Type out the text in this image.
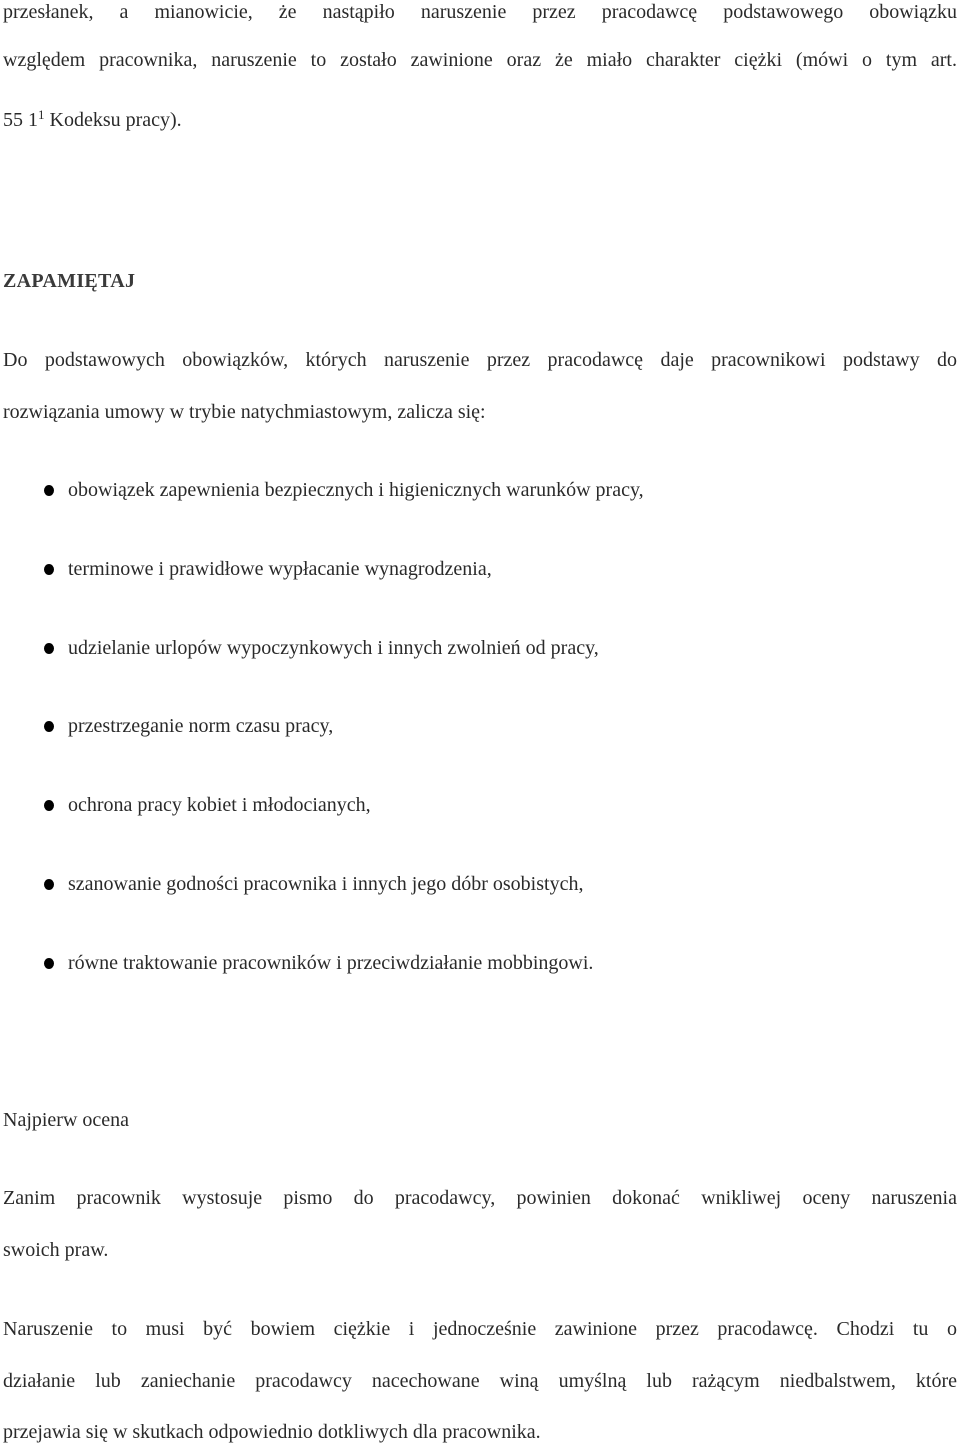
przesłanek, a mianowicie, że nastąpiło naruszenie przez pracodawcę podstawowego obowiązku
względem pracownika, naruszenie to zostało zawinione oraz że miało charakter ciężki (mówi o tym art.
55 $1^1$ Kodeksu pracy).
ZAPAMIĘTAJ
Do podstawowych obowiązków, których naruszenie przez pracodawcę daje pracownikowi podstawy do
rozwiązania umowy w trybie natychmiastowym, zalicza się:
obowiązek zapewnienia bezpiecznych i higienicznych warunków pracy,
terminowe i prawidłowe wypłacanie wynagrodzenia,
udzielanie urlopów wypoczynkowych i innych zwolnień od pracy,
przestrzeganie norm czasu pracy,
ochrona pracy kobiet i młodocianych,
szanowanie godności pracownika i innych jego dóbr osobistych,
równe traktowanie pracowników i przeciwdziałanie mobbingowi.
Najpierw ocena
Zanim pracownik wystosuje pismo do pracodawcy, powinien dokonać wnikliwej oceny naruszenia
swoich praw.
Naruszenie to musi być bowiem ciężkie i jednocześnie zawinione przez pracodawcę. Chodzi tu o
działanie lub zaniechanie pracodawcy nacechowane winą umyślną lub rażącym niedbalstwem, które
przejawia się w skutkach odpowiednio dotkliwych dla pracownika.
